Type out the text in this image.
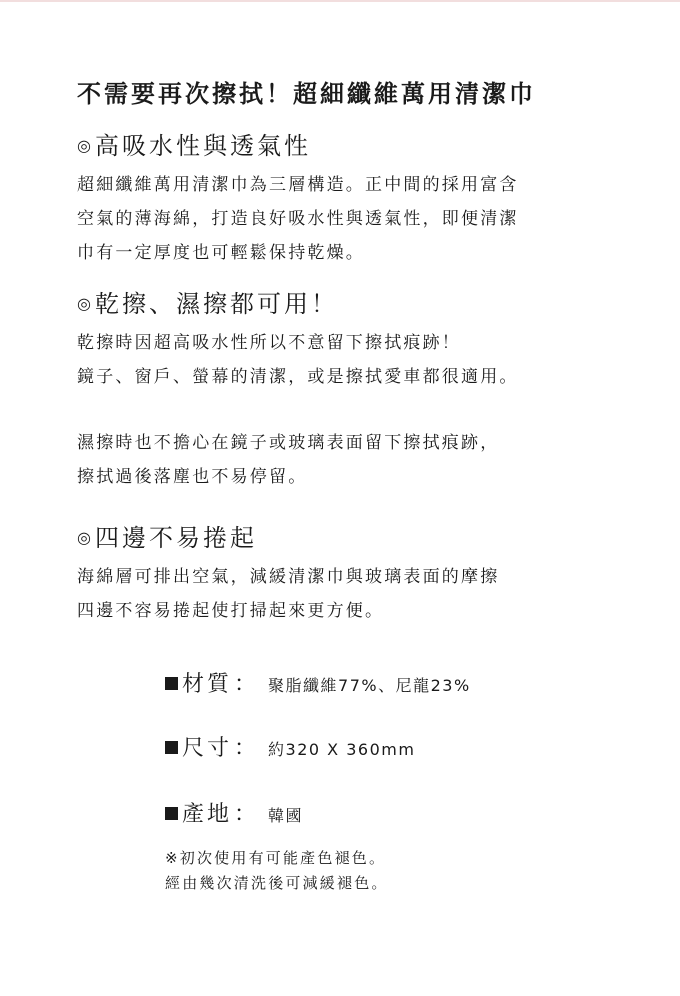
不需要再次擦拭！超細纖維萬用清潔巾
◎ 高吸水性與透氣性

超細纖維萬用清潔巾為三層構造。正中間的採用富含

空氣的薄海綿，打造良好吸水性與透氣性，即便清潔

巾有一定厚度也可輕鬆保持乾燥。

◎ 乾擦、濕擦都可用！

乾擦時因超高吸水性所以不意留下擦拭痕跡！

鏡子、窗戶、螢幕的清潔，或是擦拭愛車都很適用。

濕擦時也不擔心在鏡子或玻璃表面留下擦拭痕跡，

擦拭過後落塵也不易停留。

◎ 四邊不易捲起

海綿層可排出空氣，減緩清潔巾與玻璃表面的摩擦

四邊不容易捲起使打掃起來更方便。

材質： 聚脂纖維77%、尼龍23%
尺寸： 約320 X 360mm
產地： 韓國
※初次使用有可能產色褪色。
經由幾次清洗後可減緩褪色。
